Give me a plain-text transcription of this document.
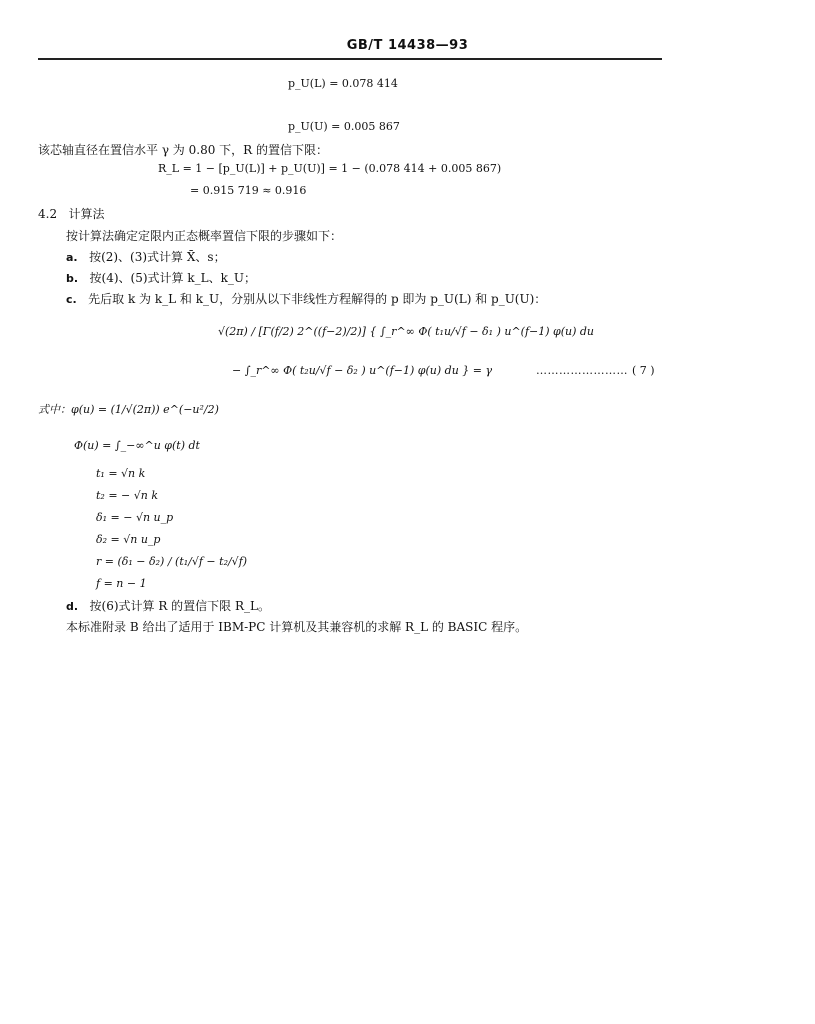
GB/T 14438—93
p_U(L) = 0.078 414
p_U(U) = 0.005 867
该芯轴直径在置信水平 γ 为 0.80 下，R 的置信下限：
R_L = 1 − [p_U(L)] + p_U(U)] = 1 − (0.078 414 + 0.005 867)
= 0.915 719 ≈ 0.916
4.2 计算法
按计算法确定定限内正态概率置信下限的步骤如下：
a. 按(2)、(3)式计算 X̄、s；
b. 按(4)、(5)式计算 k_L、k_U；
c. 先后取 k 为 k_L 和 k_U，分别从以下非线性方程解得的 p 即为 p_U(L) 和 p_U(U)：
√(2π) / [Γ(f/2) 2^((f−2)/2)] { ∫_r^∞ Φ( t₁u/√f − δ₁ ) u^(f−1) φ(u) du
− ∫_r^∞ Φ( t₂u/√f − δ₂ ) u^(f−1) φ(u) du } = γ	…………………… ( 7 )
式中：φ(u) = (1/√(2π)) e^(−u²/2)
Φ(u) = ∫_−∞^u φ(t) dt
t₁ = √n k
t₂ = − √n k
δ₁ = − √n u_p
δ₂ = √n u_p
r = (δ₁ − δ₂) / (t₁/√f − t₂/√f)
f = n − 1
d. 按(6)式计算 R 的置信下限 R_L。
本标准附录 B 给出了适用于 IBM-PC 计算机及其兼容机的求解 R_L 的 BASIC 程序。
